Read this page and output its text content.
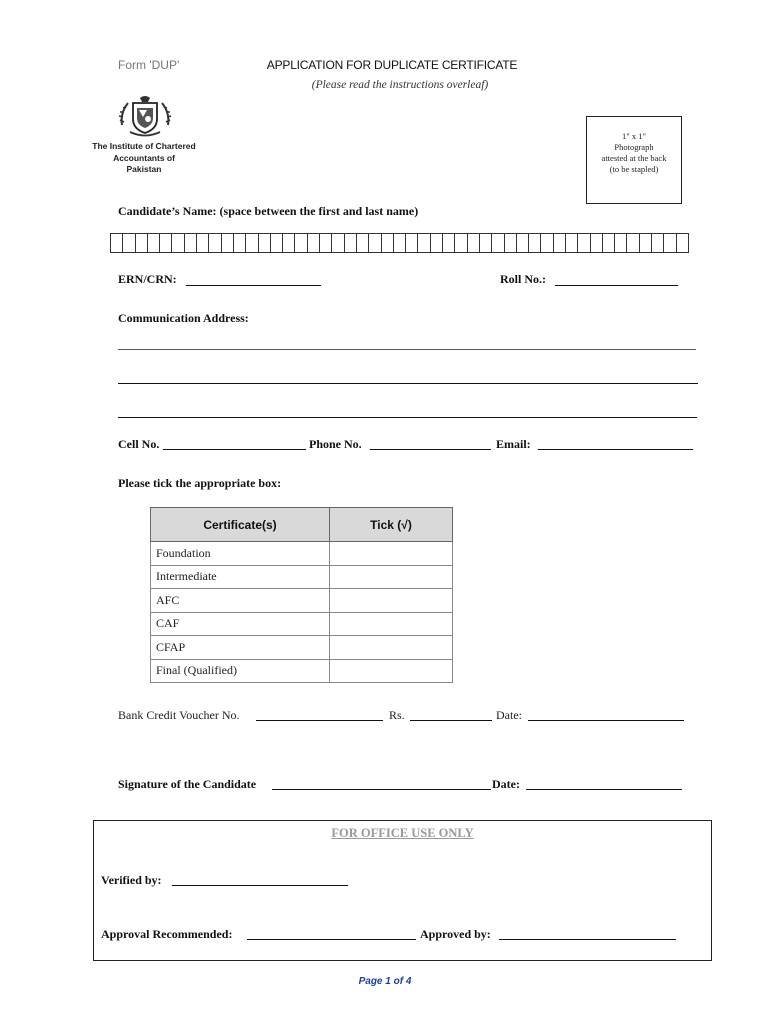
Form 'DUP'	APPLICATION FOR DUPLICATE CERTIFICATE
(Please read the instructions overleaf)
The Institute of Chartered
Accountants of
Pakistan
1" x 1"
Photograph
attested at the back
(to be stapled)
Candidate’s Name: (space between the first and last name)
ERN/CRN:	Roll No.:
Communication Address:
Cell No.	Phone No.	Email:
Please tick the appropriate box:
Certificate(s)	Tick (√)
Foundation	
Intermediate	
AFC	
CAF	
CFAP	
Final (Qualified)	
Bank Credit Voucher No.	Rs.	Date:
Signature of the Candidate	Date:
FOR OFFICE USE ONLY
Verified by:
Approval Recommended:	Approved by:
Page 1 of 4
